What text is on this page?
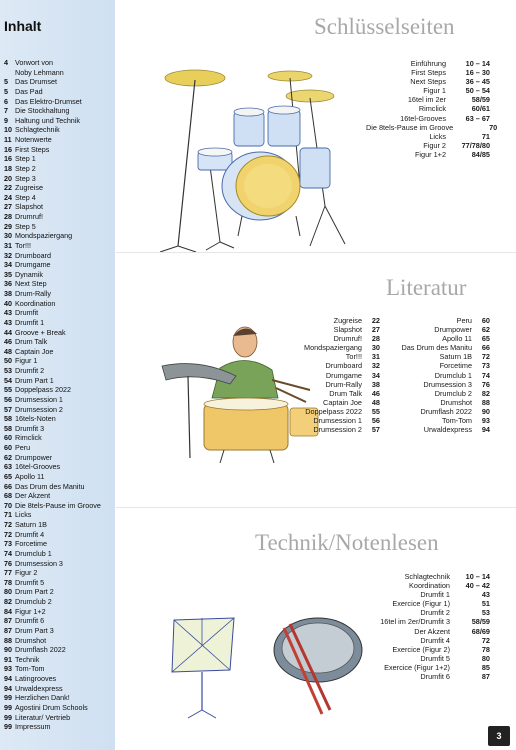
Inhalt
4 Vorwort von
Noby Lehmann
5 Das Drumset
5 Das Pad
6 Das Elektro-Drumset
7 Die Stockhaltung
9 Haltung und Technik
10 Schlagtechnik
11 Notenwerte
16 First Steps
16 Step 1
18 Step 2
20 Step 3
22 Zugreise
24 Step 4
27 Slapshot
28 Drumruf!
29 Step 5
30 Mondspaziergang
31 Tor!!!
32 Drumboard
34 Drumgame
35 Dynamik
36 Next Step
38 Drum-Rally
40 Koordination
43 Drumfit
43 Drumfit 1
44 Groove + Break
46 Drum Talk
48 Captain Joe
50 Figur 1
53 Drumfit 2
54 Drum Part 1
55 Doppelpass 2022
56 Drumsession 1
57 Drumsession 2
58 16tels-Noten
58 Drumfit 3
60 Rimclick
60 Peru
62 Drumpower
63 16tel-Grooves
65 Apollo 11
66 Das Drum des Manitu
68 Der Akzent
70 Die 8tels-Pause im Groove
71 Licks
72 Saturn 1B
72 Drumfit 4
73 Forcetime
74 Drumclub 1
76 Drumsession 3
77 Figur 2
78 Drumfit 5
80 Drum Part 2
82 Drumclub 2
84 Figur 1+2
87 Drumfit 6
87 Drum Part 3
88 Drumshot
90 Drumflash 2022
91 Technik
93 Tom-Tom
94 Latingrooves
94 Urwaldexpress
99 Herzlichen Dank!
99 Agostini Drum Schools
99 Literatur/ Vertrieb
99 Impressum
Schlüsselseiten
Einführung	10 – 14
First Steps	16 – 30
Next Steps	36 – 45
Figur 1	50 – 54
16tel im 2er	58/59
Rimclick	60/61
16tel-Grooves	63 – 67
Die 8tels-Pause im Groove	70
Licks	71
Figur 2	77/78/80
Figur 1+2	84/85
Literatur
Zugreise	22
Slapshot	27
Drumruf!	28
Mondspaziergang	30
Tor!!!	31
Drumboard	32
Drumgame	34
Drum-Rally	38
Drum Talk	46
Captain Joe	48
Doppelpass 2022	55
Drumsession 1	56
Drumsession 2	57
Peru	60
Drumpower	62
Apollo 11	65
Das Drum des Manitu	66
Saturn 1B	72
Forcetime	73
Drumclub 1	74
Drumsession 3	76
Drumclub 2	82
Drumshot	88
Drumflash 2022	90
Tom-Tom	93
Urwaldexpress	94
Technik/Notenlesen
Schlagtechnik	10 – 14
Koordination	40 – 42
Drumfit 1	43
Exercice (Figur 1)	51
Drumfit 2	53
16tel im 2er/Drumfit 3	58/59
Der Akzent	68/69
Drumfit 4	72
Exercice (Figur 2)	78
Drumfit 5	80
Exercice (Figur 1+2)	85
Drumfit 6	87
3
